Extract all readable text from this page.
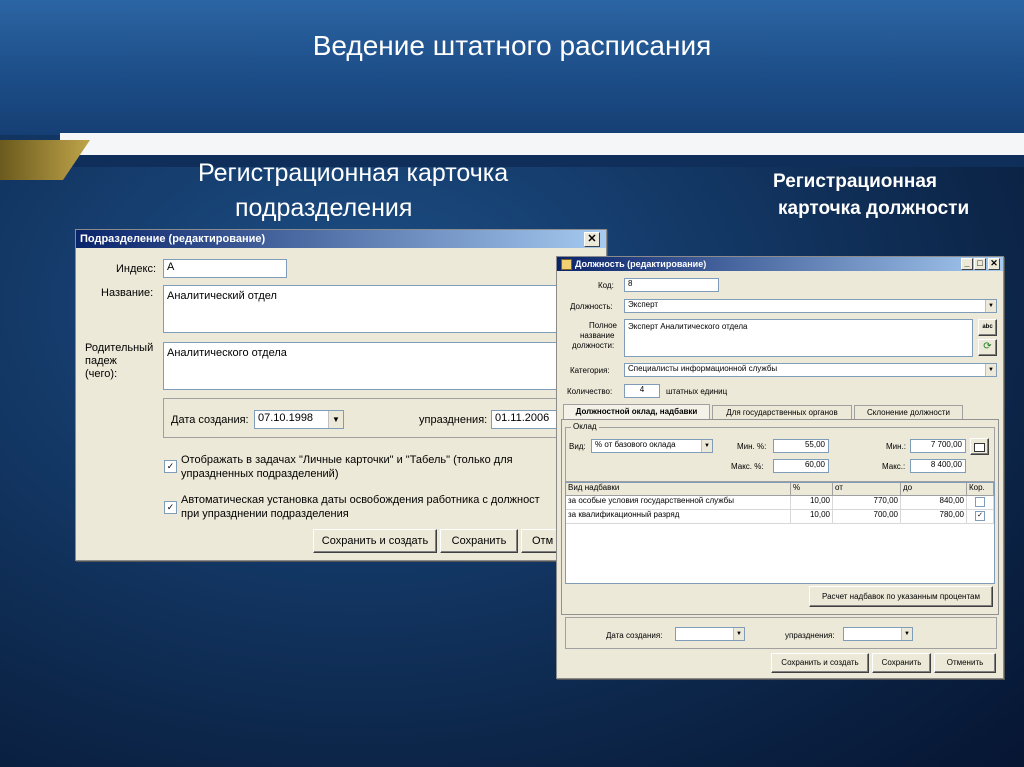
Ведение штатного расписания
Регистрационная карточка
подразделения
Регистрационная
карточка должности
Подразделение (редактирование)	✕
Индекс: А
Название:	Аналитический отдел
Родительный
падеж
(чего):
Аналитического отдела
Дата создания: 07.10.1998	▼	упразднения: 01.11.2006
✓ Отображать в задачах "Личные карточки" и "Табель" (только для
упраздненных подразделений)
✓
Автоматическая установка даты освобождения работника с должност
при упразднении подразделения
Сохранить и создать	Сохранить	Отм
Должность (редактирование)	_ □ ✕
Код:	8
Должность:	Эксперт	▼
Полное
название
должности:
Эксперт Аналитического отдела	abc
⟳
Категория:	Специалисты информационной службы	▼
Количество:	4	штатных единиц
Должностной оклад, надбавки	Для государственных органов	Склонение должности
Оклад
Вид:	% от базового оклада	▼	Мин. %:	55,00
Макс. %:	60,00
Мин.:	7 700,00
Макс.:	8 400,00
Вид надбавки	%	от	до	Кор.
за особые условия государственной службы	10,00	770,00	840,00
за квалификационный разряд	10,00	700,00	780,00	✓
Расчет надбавок по указанным процентам
Дата создания:	▼	упразднения:	▼
Сохранить и создать	Сохранить	Отменить
